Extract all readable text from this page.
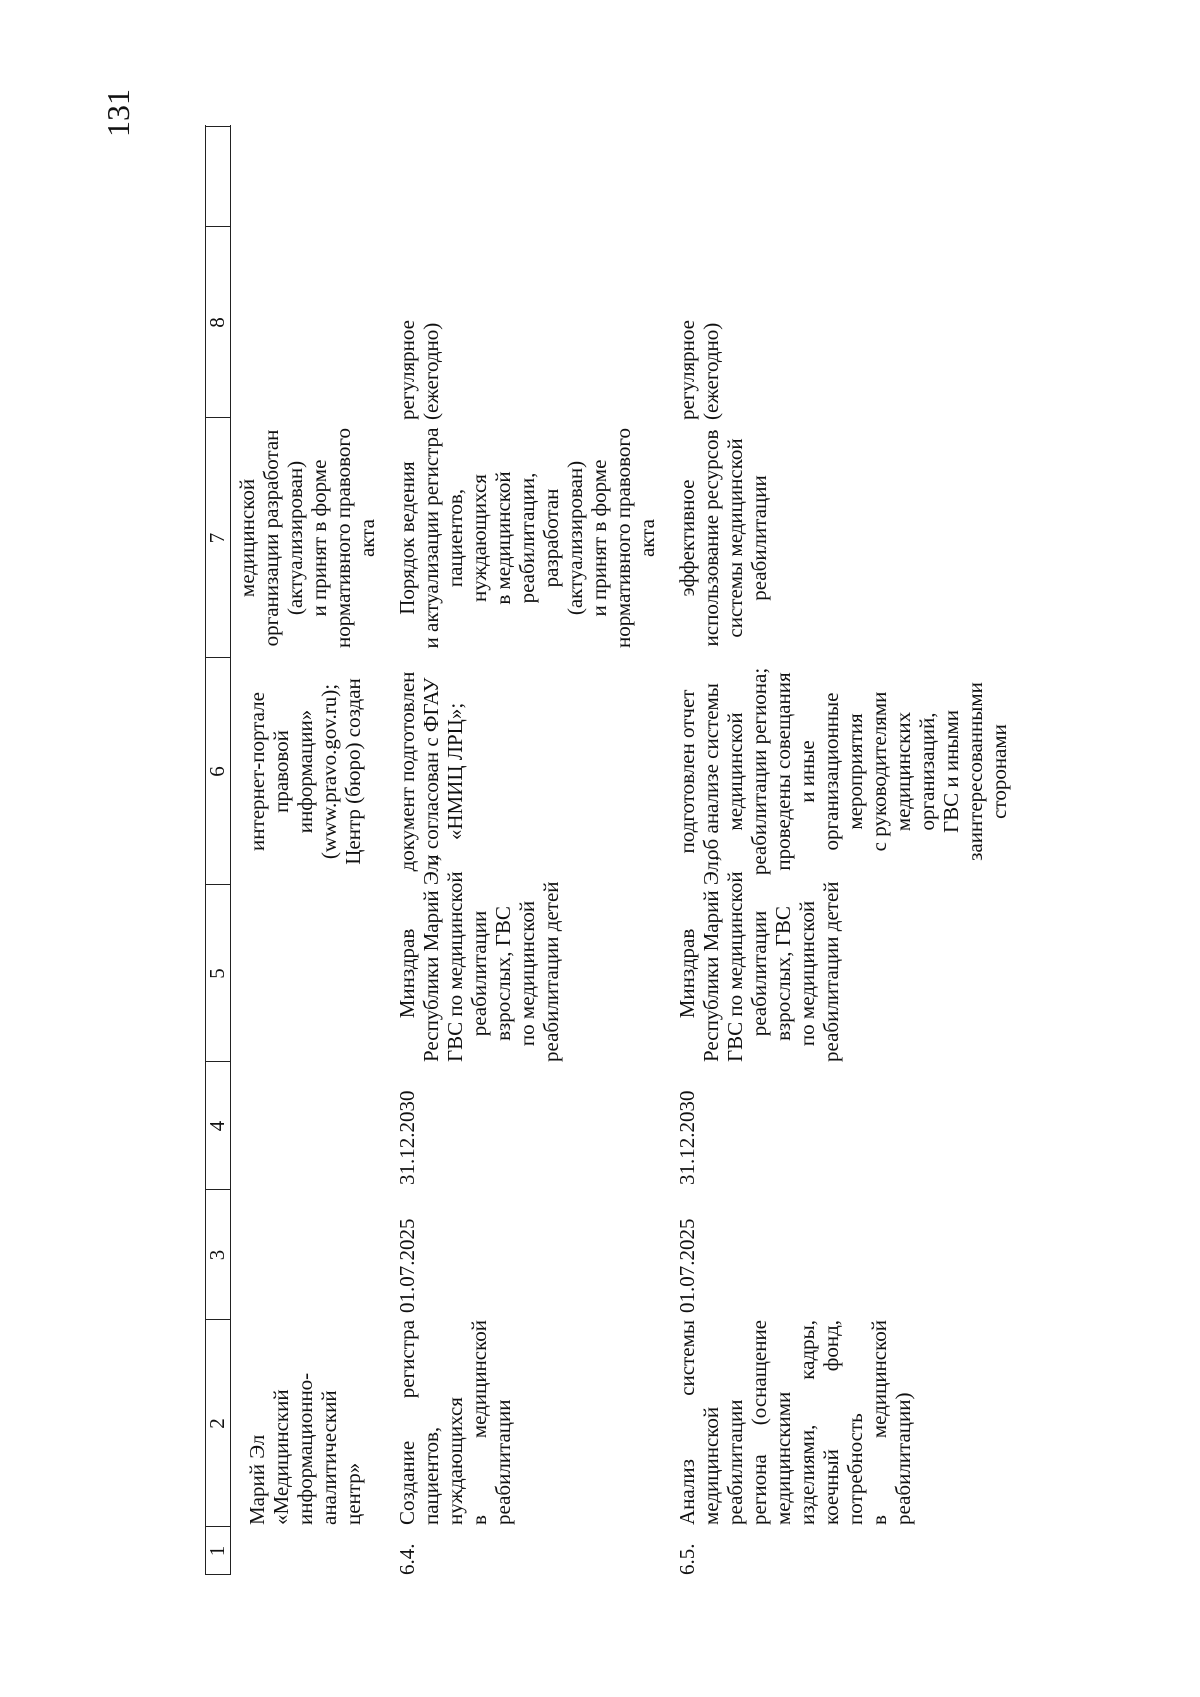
131
1
2
3
4
5
6
7
8
Марий Эл «Медицинский информационно- аналитический центр»
интернет-портале правовой информации» (www.pravo.gov.ru); Центр (бюро) создан
медицинской организации разработан (актуализирован) и принят в форме нормативного правового акта
6.4.
Создание
регистра
пациентов, нуждающихся в
медицинской
реабилитации
01.07.2025
31.12.2030
Минздрав Республики Марий Эл, ГВС по медицинской реабилитации взрослых, ГВС по медицинской реабилитации детей
документ подготовлен и согласован с ФГАУ «НМИЦ ЛРЦ»;
Порядок ведения и актуализации регистра пациентов, нуждающихся в медицинской реабилитации, разработан (актуализирован) и принят в форме нормативного правового акта
регулярное (ежегодно)
6.5.
Анализ
системы
медицинской реабилитации региона
(оснащение
медицинскими изделиями,
кадры,
коечный
фонд,
потребность в
медицинской
реабилитации)
01.07.2025
31.12.2030
Минздрав Республики Марий Эл, ГВС по медицинской реабилитации взрослых, ГВС по медицинской реабилитации детей
подготовлен отчет об анализе системы медицинской реабилитации региона; проведены совещания и иные организационные мероприятия с руководителями медицинских организаций, ГВС и иными заинтересованными сторонами
эффективное использование ресурсов системы медицинской реабилитации
регулярное (ежегодно)
